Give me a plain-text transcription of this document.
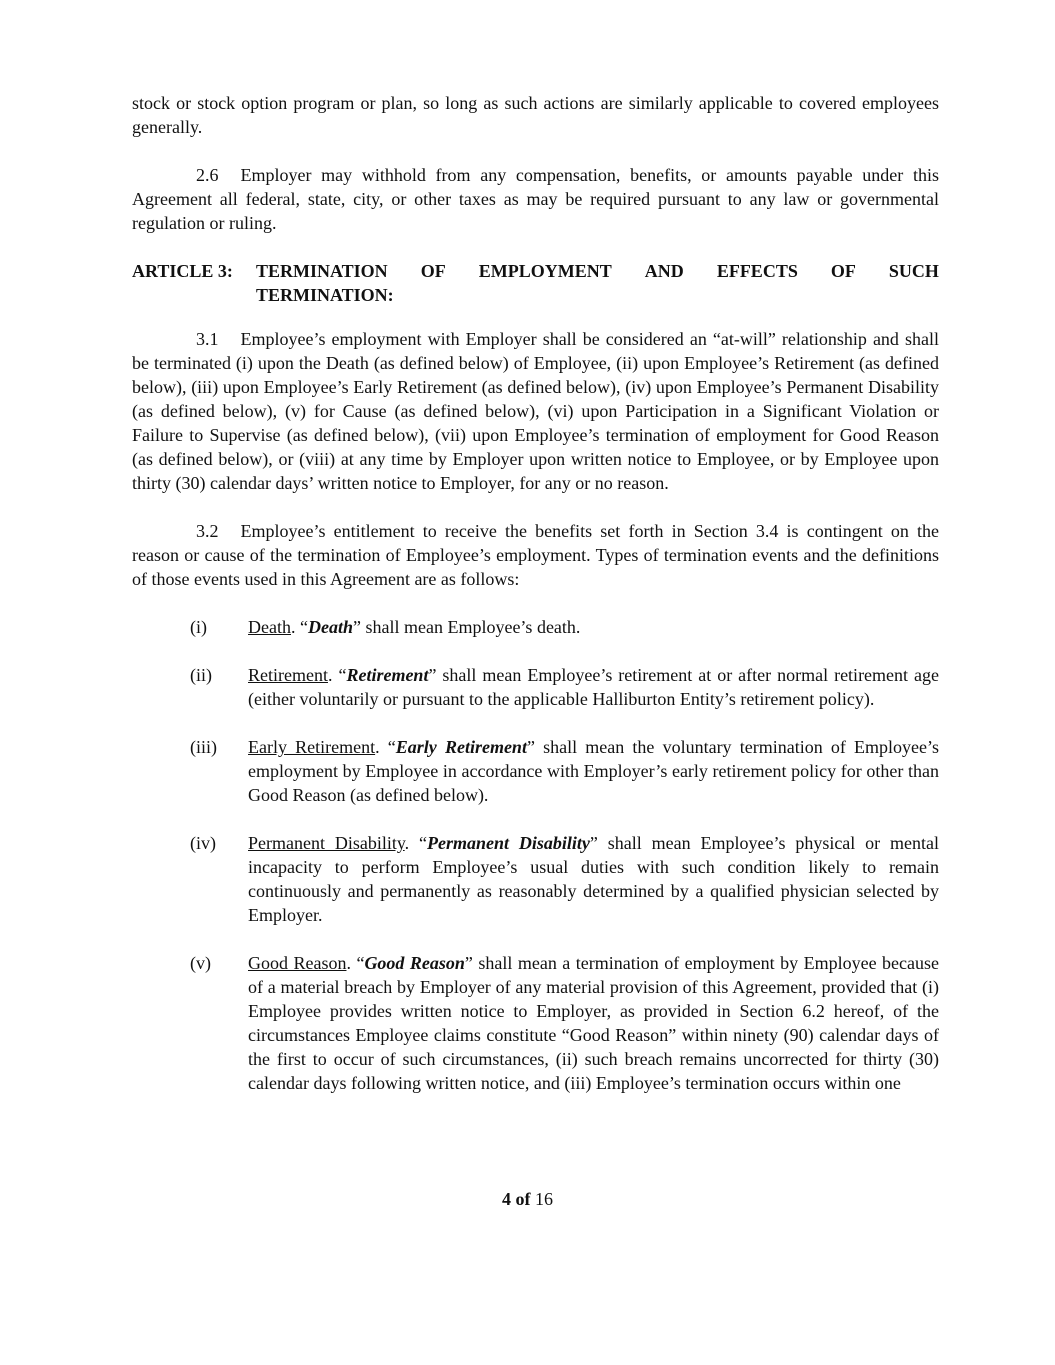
stock or stock option program or plan, so long as such actions are similarly applicable to covered employees generally.

2.6 Employer may withhold from any compensation, benefits, or amounts payable under this Agreement all federal, state, city, or other taxes as may be required pursuant to any law or governmental regulation or ruling.

ARTICLE 3:	TERMINATION OF EMPLOYMENT AND EFFECTS OF SUCH
TERMINATION:

3.1 Employee’s employment with Employer shall be considered an “at-will” relationship and shall be terminated (i) upon the Death (as defined below) of Employee, (ii) upon Employee’s Retirement (as defined below), (iii) upon Employee’s Early Retirement (as defined below), (iv) upon Employee’s Permanent Disability (as defined below), (v) for Cause (as defined below), (vi) upon Participation in a Significant Violation or Failure to Supervise (as defined below), (vii) upon Employee’s termination of employment for Good Reason (as defined below), or (viii) at any time by Employer upon written notice to Employee, or by Employee upon thirty (30) calendar days’ written notice to Employer, for any or no reason.

3.2 Employee’s entitlement to receive the benefits set forth in Section 3.4 is contingent on the reason or cause of the termination of Employee’s employment. Types of termination events and the definitions of those events used in this Agreement are as follows:

(i)	Death. “Death” shall mean Employee’s death.
(ii)	Retirement. “Retirement” shall mean Employee’s retirement at or after normal retirement age (either voluntarily or pursuant to the applicable Halliburton Entity’s retirement policy).
(iii)	Early Retirement. “Early Retirement” shall mean the voluntary termination of Employee’s employment by Employee in accordance with Employer’s early retirement policy for other than Good Reason (as defined below).
(iv)	Permanent Disability. “Permanent Disability” shall mean Employee’s physical or mental incapacity to perform Employee’s usual duties with such condition likely to remain continuously and permanently as reasonably determined by a qualified physician selected by Employer.
(v)	Good Reason. “Good Reason” shall mean a termination of employment by Employee because of a material breach by Employer of any material provision of this Agreement, provided that (i) Employee provides written notice to Employer, as provided in Section 6.2 hereof, of the circumstances Employee claims constitute “Good Reason” within ninety (90) calendar days of the first to occur of such circumstances, (ii) such breach remains uncorrected for thirty (30) calendar days following written notice, and (iii) Employee’s termination occurs within one
4 of 16
